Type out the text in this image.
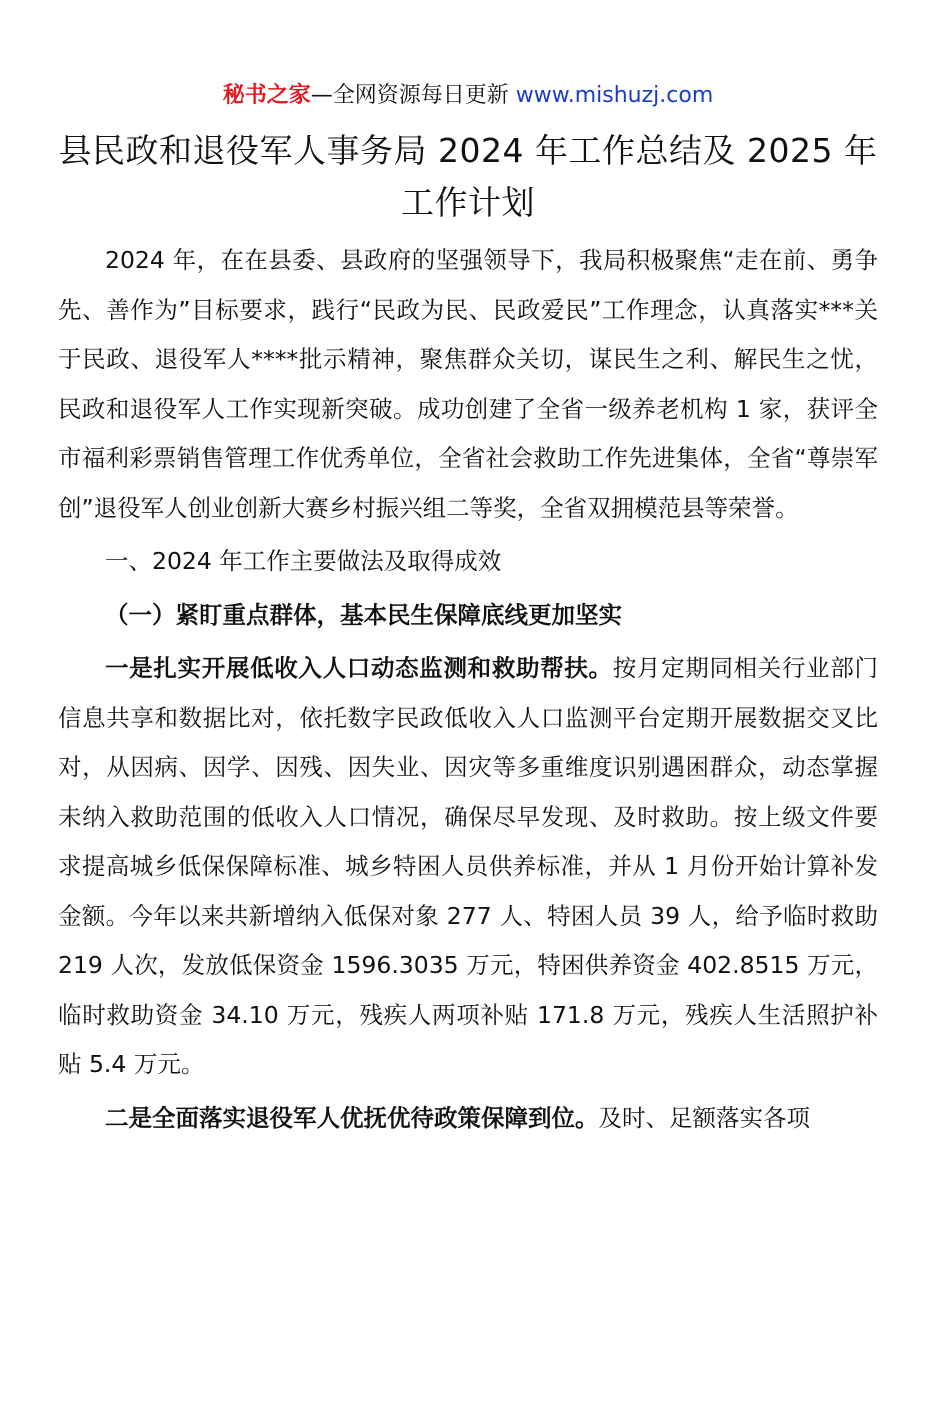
秘书之家—全网资源每日更新 www.mishuzj.com
县民政和退役军人事务局 2024 年工作总结及 2025 年
工作计划

2024 年，在在县委、县政府的坚强领导下，我局积极聚焦“走在前、勇争先、善作为”目标要求，践行“民政为民、民政爱民”工作理念，认真落实***关于民政、退役军人****批示精神，聚焦群众关切，谋民生之利、解民生之忧，民政和退役军人工作实现新突破。成功创建了全省一级养老机构 1 家，获评全市福利彩票销售管理工作优秀单位，全省社会救助工作先进集体，全省“尊崇军创”退役军人创业创新大赛乡村振兴组二等奖，全省双拥模范县等荣誉。

一、2024 年工作主要做法及取得成效

（一）紧盯重点群体，基本民生保障底线更加坚实

一是扎实开展低收入人口动态监测和救助帮扶。按月定期同相关行业部门信息共享和数据比对，依托数字民政低收入人口监测平台定期开展数据交叉比对，从因病、因学、因残、因失业、因灾等多重维度识别遇困群众，动态掌握未纳入救助范围的低收入人口情况，确保尽早发现、及时救助。按上级文件要求提高城乡低保保障标准、城乡特困人员供养标准，并从 1 月份开始计算补发金额。今年以来共新增纳入低保对象 277 人、特困人员 39 人，给予临时救助 219 人次，发放低保资金 1596.3035 万元，特困供养资金 402.8515 万元，临时救助资金 34.10 万元，残疾人两项补贴 171.8 万元，残疾人生活照护补贴 5.4 万元。

二是全面落实退役军人优抚优待政策保障到位。及时、足额落实各项
